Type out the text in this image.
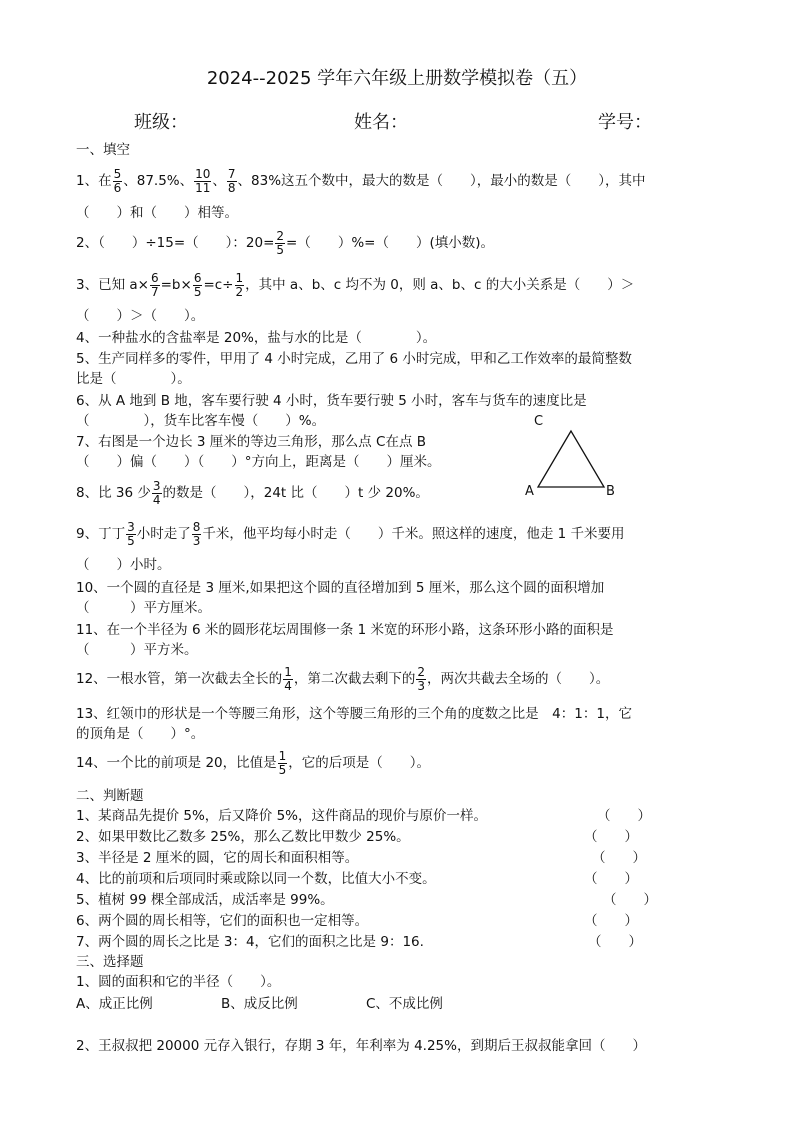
2024--2025 学年六年级上册数学模拟卷（五）
班级：	姓名：	学号：
一、填空
1、在 $\frac{5}{6}$ 、87.5%、 $\frac{10}{11}$ 、 $\frac{7}{8}$ 、83%这五个数中，最大的数是（　　），最小的数是（　　），其中
（　　）和（　　）相等。
2、（　　）÷15=（　　）：$20= \frac{2}{5}$ =（　　）%=（　　）(填小数)。
3、已知 $a\times \frac{6}{7} =b\times \frac{6}{5} =c\div \frac{1}{2}$ ，其中 a、b、c 均不为 0，则 a、b、c 的大小关系是（　　）＞
（　　）＞（　　）。
4、一种盐水的含盐率是 20%，盐与水的比是（　　　　）。
5、生产同样多的零件，甲用了 4 小时完成，乙用了 6 小时完成，甲和乙工作效率的最简整数
比是（　　　　）。
6、从 A 地到 B 地，客车要行驶 4 小时，货车要行驶 5 小时，客车与货车的速度比是
（　　　　），货车比客车慢（　　）%。
7、右图是一个边长 3 厘米的等边三角形，那么点 C在点 B
（　　）偏（　　）（　　）°方向上，距离是（　　）厘米。
C
A	B
8、比 36 少 $\frac{3}{4}$ 的数是（　　），24t 比（　　）t 少 20%。
9、丁丁 $\frac{3}{5}$ 小时走了 $\frac{8}{3}$ 千米，他平均每小时走（　　）千米。照这样的速度，他走 1 千米要用
（　　）小时。
10、一个圆的直径是 3 厘米,如果把这个圆的直径增加到 5 厘米，那么这个圆的面积增加
（　　　）平方厘米。
11、在一个半径为 6 米的圆形花坛周围修一条 1 米宽的环形小路，这条环形小路的面积是
（　　　）平方米。
12、一根水管，第一次截去全长的 $\frac{1}{4}$ ，第二次截去剩下的 $\frac{2}{3}$ ，两次共截去全场的（　　）。
13、红领巾的形状是一个等腰三角形，这个等腰三角形的三个角的度数之比是　4：1：1，它
的顶角是（　　）°。
14、一个比的前项是 20，比值是 $\frac{1}{5}$ ，它的后项是（　　）。
二、判断题
1、某商品先提价 5%，后又降价 5%，这件商品的现价与原价一样。	（　　）
2、如果甲数比乙数多 25%，那么乙数比甲数少 25%。	（　　）
3、半径是 2 厘米的圆，它的周长和面积相等。	（　　）
4、比的前项和后项同时乘或除以同一个数，比值大小不变。	（　　）
5、植树 99 棵全部成活，成活率是 99%。	（　　）
6、两个圆的周长相等，它们的面积也一定相等。	（　　）
7、两个圆的周长之比是 3：4，它们的面积之比是 9：16.	（　　）
三、选择题
1、圆的面积和它的半径（　　）。
A、成正比例	B、成反比例	C、不成比例
2、王叔叔把 20000 元存入银行，存期 3 年，年利率为 4.25%，到期后王叔叔能拿回（　　）
